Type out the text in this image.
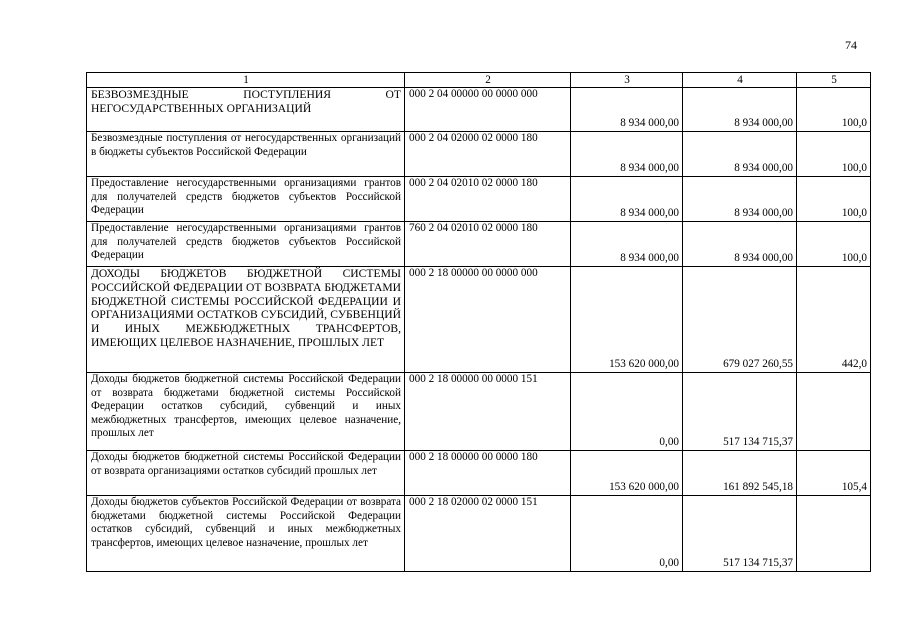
74
1	2	3	4	5
БЕЗВОЗМЕЗДНЫЕ ПОСТУПЛЕНИЯ ОТ НЕГОСУДАРСТВЕННЫХ ОРГАНИЗАЦИЙ	000 2 04 00000 00 0000 000	8 934 000,00	8 934 000,00	100,0
Безвозмездные поступления от негосударственных организаций в бюджеты субъектов Российской Федерации	000 2 04 02000 02 0000 180	8 934 000,00	8 934 000,00	100,0
Предоставление негосударственными организациями грантов для получателей средств бюджетов субъектов Российской Федерации	000 2 04 02010 02 0000 180	8 934 000,00	8 934 000,00	100,0
Предоставление негосударственными организациями грантов для получателей средств бюджетов субъектов Российской Федерации	760 2 04 02010 02 0000 180	8 934 000,00	8 934 000,00	100,0
ДОХОДЫ БЮДЖЕТОВ БЮДЖЕТНОЙ СИСТЕМЫ РОССИЙСКОЙ ФЕДЕРАЦИИ ОТ ВОЗВРАТА БЮДЖЕТАМИ БЮДЖЕТНОЙ СИСТЕМЫ РОССИЙСКОЙ ФЕДЕРАЦИИ И ОРГАНИЗАЦИЯМИ ОСТАТКОВ СУБСИДИЙ, СУБВЕНЦИЙ И ИНЫХ МЕЖБЮДЖЕТНЫХ ТРАНСФЕРТОВ, ИМЕЮЩИХ ЦЕЛЕВОЕ НАЗНАЧЕНИЕ, ПРОШЛЫХ ЛЕТ	000 2 18 00000 00 0000 000	153 620 000,00	679 027 260,55	442,0
Доходы бюджетов бюджетной системы Российской Федерации от возврата бюджетами бюджетной системы Российской Федерации остатков субсидий, субвенций и иных межбюджетных трансфертов, имеющих целевое назначение, прошлых лет	000 2 18 00000 00 0000 151	0,00	517 134 715,37	
Доходы бюджетов бюджетной системы Российской Федерации от возврата организациями остатков субсидий прошлых лет	000 2 18 00000 00 0000 180	153 620 000,00	161 892 545,18	105,4
Доходы бюджетов субъектов Российской Федерации от возврата бюджетами бюджетной системы Российской Федерации остатков субсидий, субвенций и иных межбюджетных трансфертов, имеющих целевое назначение, прошлых лет	000 2 18 02000 02 0000 151	0,00	517 134 715,37	
